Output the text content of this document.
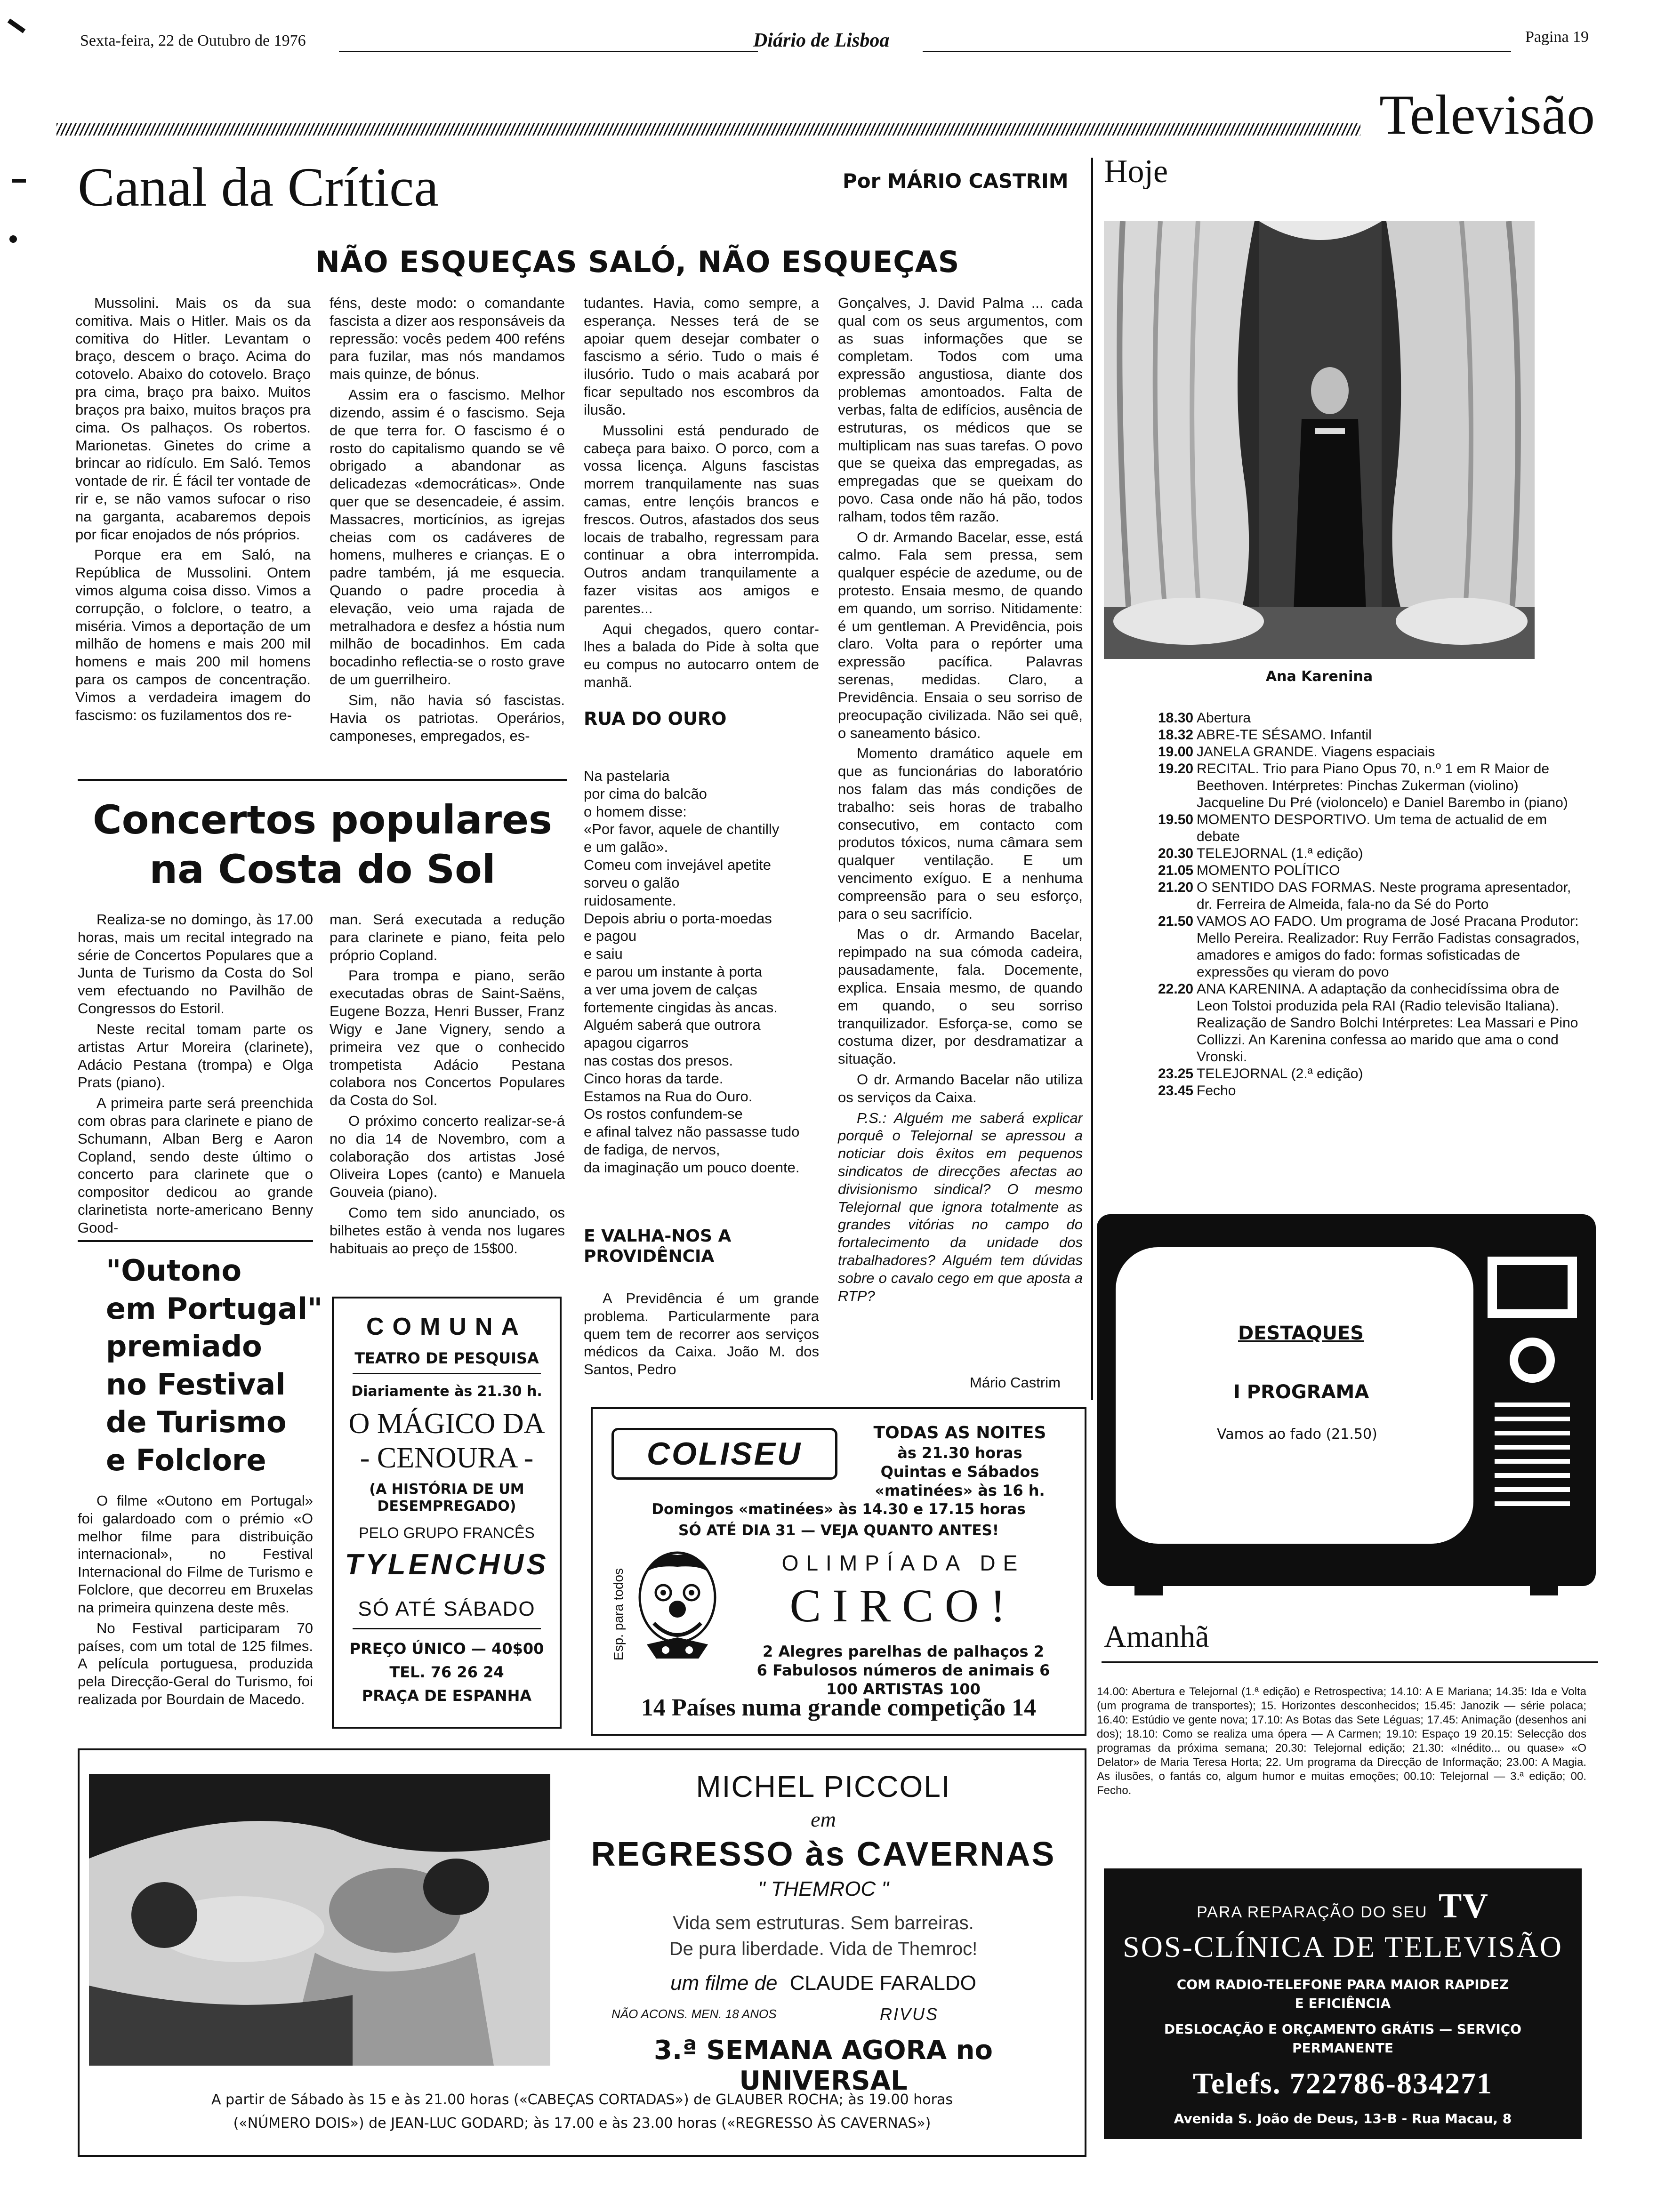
Sexta-feira, 22 de Outubro de 1976	Diário de Lisboa	Pagina 19
Televisão
Canal da Crítica	Por MÁRIO CASTRIM
NÃO ESQUEÇAS SALÓ, NÃO ESQUEÇAS

Mussolini. Mais os da sua comitiva. Mais o Hitler. Mais os da comitiva do Hitler. Levantam o braço, descem o braço. Acima do cotovelo. Abaixo do cotovelo. Braço pra cima, braço pra baixo. Muitos braços pra baixo, muitos braços pra cima. Os palhaços. Os robertos. Marionetas. Ginetes do crime a brincar ao ridículo. Em Saló. Temos vontade de rir. É fácil ter vontade de rir e, se não vamos sufocar o riso na garganta, acabaremos depois por ficar enojados de nós próprios.

Porque era em Saló, na República de Mussolini. Ontem vimos alguma coisa disso. Vimos a corrupção, o folclore, o teatro, a miséria. Vimos a deportação de um milhão de homens e mais 200 mil homens e mais 200 mil homens para os campos de concentração. Vimos a verdadeira imagem do fascismo: os fuzilamentos dos re-

féns, deste modo: o comandante fascista a dizer aos responsáveis da repressão: vocês pedem 400 reféns para fuzilar, mas nós mandamos mais quinze, de bónus.

Assim era o fascismo. Melhor dizendo, assim é o fascismo. Seja de que terra for. O fascismo é o rosto do capitalismo quando se vê obrigado a abandonar as delicadezas «democráticas». Onde quer que se desencadeie, é assim. Massacres, morticínios, as igrejas cheias com os cadáveres de homens, mulheres e crianças. E o padre também, já me esquecia. Quando o padre procedia à elevação, veio uma rajada de metralhadora e desfez a hóstia num milhão de bocadinhos. Em cada bocadinho reflectia-se o rosto grave de um guerrilheiro.

Sim, não havia só fascistas. Havia os patriotas. Operários, camponeses, empregados, es-

tudantes. Havia, como sempre, a esperança. Nesses terá de se apoiar quem desejar combater o fascismo a sério. Tudo o mais é ilusório. Tudo o mais acabará por ficar sepultado nos escombros da ilusão.

Mussolini está pendurado de cabeça para baixo. O porco, com a vossa licença. Alguns fascistas morrem tranquilamente nas suas camas, entre lençóis brancos e frescos. Outros, afastados dos seus locais de trabalho, regressam para continuar a obra interrompida. Outros andam tranquilamente a fazer visitas aos amigos e parentes...

Aqui chegados, quero contar-lhes a balada do Pide à solta que eu compus no autocarro ontem de manhã.

RUA DO OURO
Na pastelaria
por cima do balcão
o homem disse:
«Por favor, aquele de chantilly
e um galão».
Comeu com invejável apetite
sorveu o galão
ruidosamente.
Depois abriu o porta-moedas
e pagou
e saiu
e parou um instante à porta
a ver uma jovem de calças
fortemente cingidas às ancas.
Alguém saberá que outrora
apagou cigarros
nas costas dos presos.
Cinco horas da tarde.
Estamos na Rua do Ouro.
Os rostos confundem-se
e afinal talvez não passasse tudo
de fadiga, de nervos,
da imaginação um pouco doente.
E VALHA-NOS A PROVIDÊNCIA

A Previdência é um grande problema. Particularmente para quem tem de recorrer aos serviços médicos da Caixa. João M. dos Santos, Pedro

Gonçalves, J. David Palma ... cada qual com os seus argumentos, com as suas informações que se completam. Todos com uma expressão angustiosa, diante dos problemas amontoados. Falta de verbas, falta de edifícios, ausência de estruturas, os médicos que se multiplicam nas suas tarefas. O povo que se queixa das empregadas, as empregadas que se queixam do povo. Casa onde não há pão, todos ralham, todos têm razão.

O dr. Armando Bacelar, esse, está calmo. Fala sem pressa, sem qualquer espécie de azedume, ou de protesto. Ensaia mesmo, de quando em quando, um sorriso. Nitidamente: é um gentleman. A Previdência, pois claro. Volta para o repórter uma expressão pacífica. Palavras serenas, medidas. Claro, a Previdência. Ensaia o seu sorriso de preocupação civilizada. Não sei quê, o saneamento básico.

Momento dramático aquele em que as funcionárias do laboratório nos falam das más condições de trabalho: seis horas de trabalho consecutivo, em contacto com produtos tóxicos, numa câmara sem qualquer ventilação. E um vencimento exíguo. E a nenhuma compreensão para o seu esforço, para o seu sacrifício.

Mas o dr. Armando Bacelar, repimpado na sua cómoda cadeira, pausadamente, fala. Docemente, explica. Ensaia mesmo, de quando em quando, o seu sorriso tranquilizador. Esforça-se, como se costuma dizer, por desdramatizar a situação.

O dr. Armando Bacelar não utiliza os serviços da Caixa.

P.S.: Alguém me saberá explicar porquê o Telejornal se apressou a noticiar dois êxitos em pequenos sindicatos de direcções afectas ao divisionismo sindical? O mesmo Telejornal que ignora totalmente as grandes vitórias no campo do fortalecimento da unidade dos trabalhadores? Alguém tem dúvidas sobre o cavalo cego em que aposta a RTP?

Mário Castrim
Concertos populares
na Costa do Sol

Realiza-se no domingo, às 17.00 horas, mais um recital integrado na série de Concertos Populares que a Junta de Turismo da Costa do Sol vem efectuando no Pavilhão de Congressos do Estoril.

Neste recital tomam parte os artistas Artur Moreira (clarinete), Adácio Pestana (trompa) e Olga Prats (piano).

A primeira parte será preenchida com obras para clarinete e piano de Schumann, Alban Berg e Aaron Copland, sendo deste último o concerto para clarinete que o compositor dedicou ao grande clarinetista norte-americano Benny Good-

man. Será executada a redução para clarinete e piano, feita pelo próprio Copland.

Para trompa e piano, serão executadas obras de Saint-Saëns, Eugene Bozza, Henri Busser, Franz Wigy e Jane Vignery, sendo a primeira vez que o conhecido trompetista Adácio Pestana colabora nos Concertos Populares da Costa do Sol.

O próximo concerto realizar-se-á no dia 14 de Novembro, com a colaboração dos artistas José Oliveira Lopes (canto) e Manuela Gouveia (piano).

Como tem sido anunciado, os bilhetes estão à venda nos lugares habituais ao preço de 15$00.

"Outono
em Portugal"
premiado
no Festival
de Turismo
e Folclore

O filme «Outono em Portugal» foi galardoado com o prémio «O melhor filme para distribuição internacional», no Festival Internacional do Filme de Turismo e Folclore, que decorreu em Bruxelas na primeira quinzena deste mês.

No Festival participaram 70 países, com um total de 125 filmes. A película portuguesa, produzida pela Direcção-Geral do Turismo, foi realizada por Bourdain de Macedo.

COMUNA
TEATRO DE PESQUISA
Diariamente às 21.30 h.
O MÁGICO DA
- CENOURA -
(A HISTÓRIA DE UM DESEMPREGADO)
PELO GRUPO FRANCÊS
TYLENCHUS
SÓ ATÉ SÁBADO
PREÇO ÚNICO — 40$00
TEL. 76 26 24
PRAÇA DE ESPANHA
COLISEU
TODAS AS NOITES
às 21.30 horas
Quintas e Sábados
«matinées» às 16 h.
Domingos «matinées» às 14.30 e 17.15 horas
SÓ ATÉ DIA 31 — VEJA QUANTO ANTES!
Esp. para todos
OLIMPÍADA DE
CIRCO!
2 Alegres parelhas de palhaços 2
6 Fabulosos números de animais 6
100 ARTISTAS 100
14 Países numa grande competição 14
Hoje
Ana Karenina
18.30 Abertura
18.32 ABRE-TE SÉSAMO. Infantil
19.00 JANELA GRANDE. Viagens espaciais
19.20 RECITAL. Trio para Piano Opus 70, n.º 1 em R Maior de Beethoven. Intérpretes: Pinchas Zukerman (violino) Jacqueline Du Pré (violoncelo) e Daniel Barembo in (piano)
19.50 MOMENTO DESPORTIVO. Um tema de actualid de em debate
20.30 TELEJORNAL (1.ª edição)
21.05 MOMENTO POLÍTICO
21.20 O SENTIDO DAS FORMAS. Neste programa apresentador, dr. Ferreira de Almeida, fala-no da Sé do Porto
21.50 VAMOS AO FADO. Um programa de José Pracana Produtor: Mello Pereira. Realizador: Ruy Ferrão Fadistas consagrados, amadores e amigos do fado: formas sofisticadas de expressões qu vieram do povo
22.20 ANA KARENINA. A adaptação da conhecidíssima obra de Leon Tolstoi produzida pela RAI (Radio televisão Italiana). Realização de Sandro Bolchi Intérpretes: Lea Massari e Pino Collizzi. An Karenina confessa ao marido que ama o cond Vronski.
23.25 TELEJORNAL (2.ª edição)
23.45 Fecho
DESTAQUES
I PROGRAMA
Vamos ao fado (21.50)
Amanhã
14.00: Abertura e Telejornal (1.ª edição) e Retrospectiva; 14.10: A E Mariana; 14.35: Ida e Volta (um programa de transportes); 15. Horizontes desconhecidos; 15.45: Janozik — série polaca; 16.40: Estúdio ve gente nova; 17.10: As Botas das Sete Léguas; 17.45: Animação (desenhos ani dos); 18.10: Como se realiza uma ópera — A Carmen; 19.10: Espaço 19 20.15: Selecção dos programas da próxima semana; 20.30: Telejornal edição; 21.30: «Inédito... ou quase» «O Delator» de Maria Teresa Horta; 22. Um programa da Direcção de Informação; 23.00: A Magia. As ilusões, o fantás co, algum humor e muitas emoções; 00.10: Telejornal — 3.ª edição; 00. Fecho.
MICHEL PICCOLI
em
REGRESSO às CAVERNAS
" THEMROC "
Vida sem estruturas. Sem barreiras.
De pura liberdade. Vida de Themroc!
um filme de CLAUDE FARALDO
NÃO ACONS. MEN. 18 ANOS	RIVUS
3.ª SEMANA AGORA no UNIVERSAL
A partir de Sábado às 15 e às 21.00 horas («CABEÇAS CORTADAS») de GLAUBER ROCHA; às 19.00 horas
(«NÚMERO DOIS») de JEAN-LUC GODARD; às 17.00 e às 23.00 horas («REGRESSO ÀS CAVERNAS»)
PARA REPARAÇÃO DO SEU TV
SOS-CLÍNICA DE TELEVISÃO
COM RADIO-TELEFONE PARA MAIOR RAPIDEZ
E EFICIÊNCIA
DESLOCAÇÃO E ORÇAMENTO GRÁTIS — SERVIÇO
PERMANENTE
Telefs. 722786-834271
Avenida S. João de Deus, 13-B - Rua Macau, 8
